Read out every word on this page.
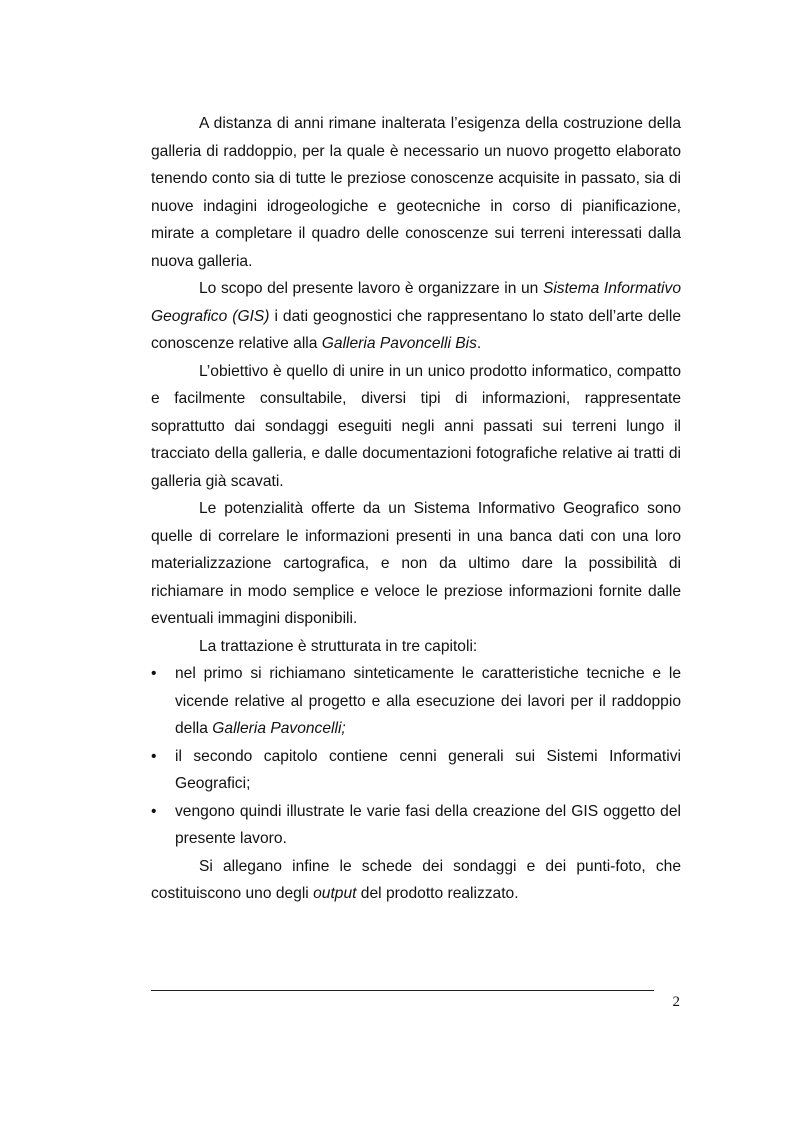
A distanza di anni rimane inalterata l’esigenza della costruzione della galleria di raddoppio, per la quale è necessario un nuovo progetto elaborato tenendo conto sia di tutte le preziose conoscenze acquisite in passato, sia di nuove indagini idrogeologiche e geotecniche in corso di pianificazione, mirate a completare il quadro delle conoscenze sui terreni interessati dalla nuova galleria.

Lo scopo del presente lavoro è organizzare in un Sistema Informativo Geografico (GIS) i dati geognostici che rappresentano lo stato dell’arte delle conoscenze relative alla Galleria Pavoncelli Bis.

L’obiettivo è quello di unire in un unico prodotto informatico, compatto e facilmente consultabile, diversi tipi di informazioni, rappresentate soprattutto dai sondaggi eseguiti negli anni passati sui terreni lungo il tracciato della galleria, e dalle documentazioni fotografiche relative ai tratti di galleria già scavati.

Le potenzialità offerte da un Sistema Informativo Geografico sono quelle di correlare le informazioni presenti in una banca dati con una loro materializzazione cartografica, e non da ultimo dare la possibilità di richiamare in modo semplice e veloce le preziose informazioni fornite dalle eventuali immagini disponibili.

La trattazione è strutturata in tre capitoli:

• nel primo si richiamano sinteticamente le caratteristiche tecniche e le vicende relative al progetto e alla esecuzione dei lavori per il raddoppio della Galleria Pavoncelli;
• il secondo capitolo contiene cenni generali sui Sistemi Informativi Geografici;
• vengono quindi illustrate le varie fasi della creazione del GIS oggetto del presente lavoro.

Si allegano infine le schede dei sondaggi e dei punti-foto, che costituiscono uno degli output del prodotto realizzato.

2
